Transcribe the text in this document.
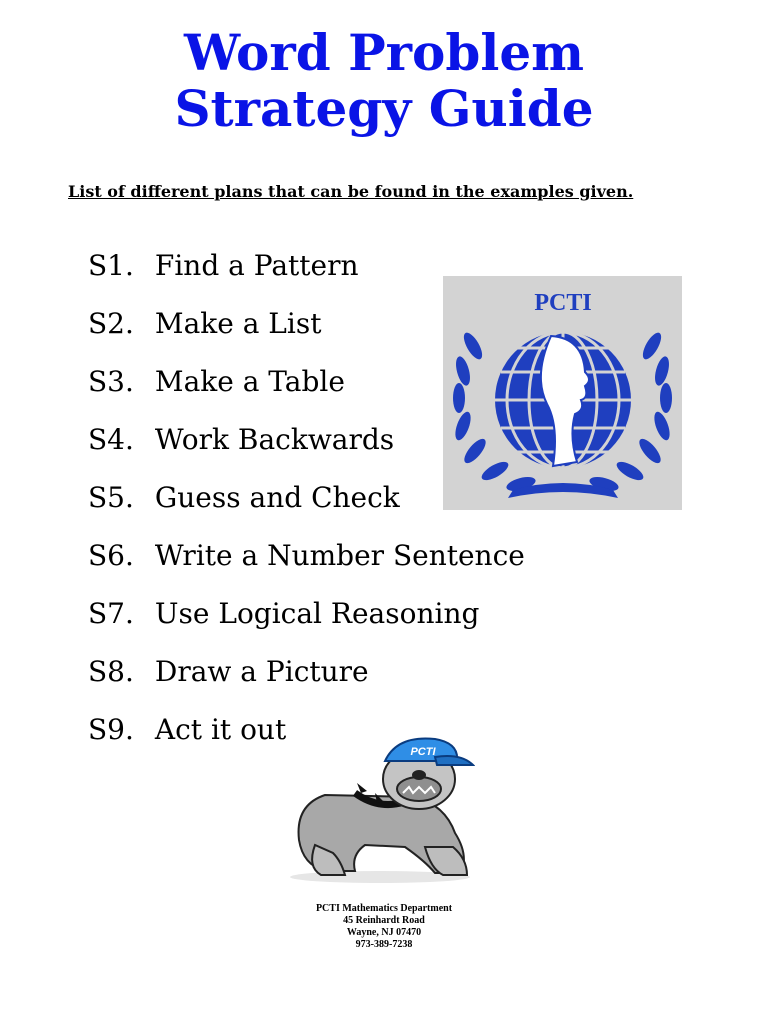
Word Problem
Strategy Guide

List of different plans that can be found in the examples given.

S1. Find a Pattern
S2. Make a List
S3. Make a Table
S4. Work Backwards
S5. Guess and Check
S6. Write a Number Sentence
S7. Use Logical Reasoning
S8. Draw a Picture
S9. Act it out
PCTI
PCTI
PCTI Mathematics Department
45 Reinhardt Road
Wayne, NJ 07470
973-389-7238
